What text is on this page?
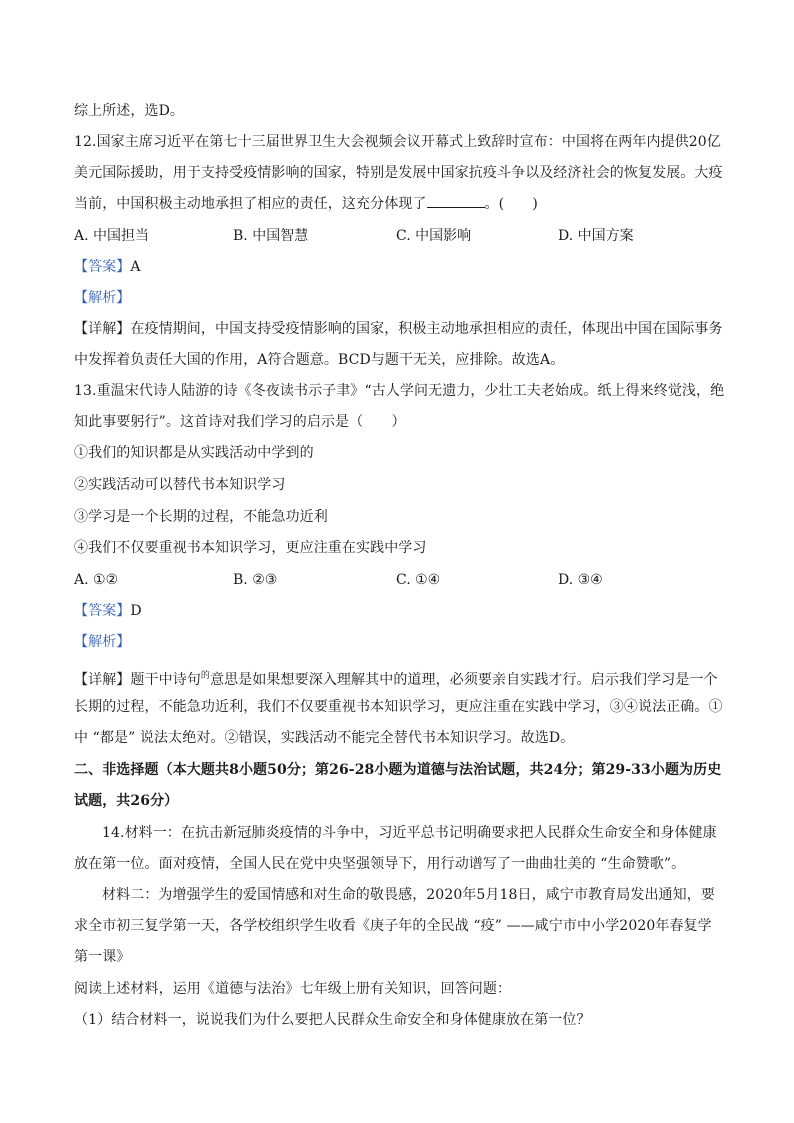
综上所述，选D。
12.国家主席习近平在第七十三届世界卫生大会视频会议开幕式上致辞时宣布：中国将在两年内提供20亿
美元国际援助，用于支持受疫情影响的国家，特别是发展中国家抗疫斗争以及经济社会的恢复发展。大疫
当前，中国积极主动地承担了相应的责任，这充分体现了	。(　　)
A. 中国担当	B. 中国智慧	C. 中国影响	D. 中国方案
【答案】A
【解析】
【详解】在疫情期间，中国支持受疫情影响的国家，积极主动地承担相应的责任，体现出中国在国际事务
中发挥着负责任大国的作用，A符合题意。BCD与题干无关，应排除。故选A。
13.重温宋代诗人陆游的诗《冬夜读书示子聿》“古人学问无遗力，少壮工夫老始成。纸上得来终觉浅，绝
知此事要躬行”。这首诗对我们学习的启示是（　　）
①我们的知识都是从实践活动中学到的
②实践活动可以替代书本知识学习
③学习是一个长期的过程，不能急功近利
④我们不仅要重视书本知识学习，更应注重在实践中学习
A. ①②	B. ②③	C. ①④	D. ③④
【答案】D
【解析】
【详解】题干中诗句$^的$意思是如果想要深入理解其中的道理，必须要亲自实践才行。启示我们学习是一个
长期的过程，不能急功近利，我们不仅要重视书本知识学习，更应注重在实践中学习，③④说法正确。①
中 “都是” 说法太绝对。②错误，实践活动不能完全替代书本知识学习。故选D。
二、非选择题（本大题共8小题50分；第26-28小题为道德与法治试题，共24分；第29-33小题为历史
试题，共26分）
14.材料一：在抗击新冠肺炎疫情的斗争中，习近平总书记明确要求把人民群众生命安全和身体健康
放在第一位。面对疫情，全国人民在党中央坚强领导下，用行动谱写了一曲曲壮美的 “生命赞歌”。
材料二：为增强学生的爱国情感和对生命的敬畏感，2020年5月18日，咸宁市教育局发出通知，要
求全市初三复学第一天，各学校组织学生收看《庚子年的全民战 “疫” ——咸宁市中小学2020年春复学
第一课》
阅读上述材料，运用《道德与法治》七年级上册有关知识，回答问题：
（1）结合材料一，说说我们为什么要把人民群众生命安全和身体健康放在第一位？
